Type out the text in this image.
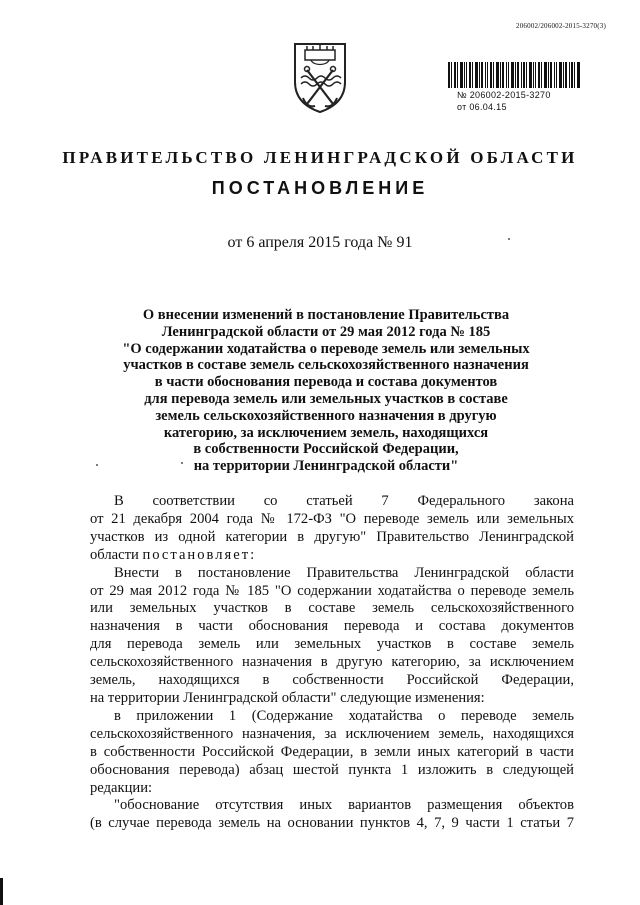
206002/206002-2015-3270(3)
№ 206002-2015-3270
от 06.04.15
ПРАВИТЕЛЬСТВО ЛЕНИНГРАДСКОЙ ОБЛАСТИ
ПОСТАНОВЛЕНИЕ
от 6 апреля 2015 года № 91
О внесении изменений в постановление Правительства
Ленинградской области от 29 мая 2012 года № 185
"О содержании ходатайства о переводе земель или земельных
участков в составе земель сельскохозяйственного назначения
в части обоснования перевода и состава документов
для перевода земель или земельных участков в составе
земель сельскохозяйственного назначения в другую
категорию, за исключением земель, находящихся
в собственности Российской Федерации,
на территории Ленинградской области"
В соответствии со статьей 7 Федерального закона
от 21 декабря 2004 года № 172-ФЗ "О переводе земель или земельных
участков из одной категории в другую" Правительство Ленинградской
области постановляет:
Внести в постановление Правительства Ленинградской области
от 29 мая 2012 года № 185 "О содержании ходатайства о переводе земель
или земельных участков в составе земель сельскохозяйственного
назначения в части обоснования перевода и состава документов
для перевода земель или земельных участков в составе земель
сельскохозяйственного назначения в другую категорию, за исключением
земель, находящихся в собственности Российской Федерации,
на территории Ленинградской области" следующие изменения:
в приложении 1 (Содержание ходатайства о переводе земель
сельскохозяйственного назначения, за исключением земель, находящихся
в собственности Российской Федерации, в земли иных категорий в части
обоснования перевода) абзац шестой пункта 1 изложить в следующей
редакции:
"обоснование отсутствия иных вариантов размещения объектов
(в случае перевода земель на основании пунктов 4, 7, 9 части 1 статьи 7
